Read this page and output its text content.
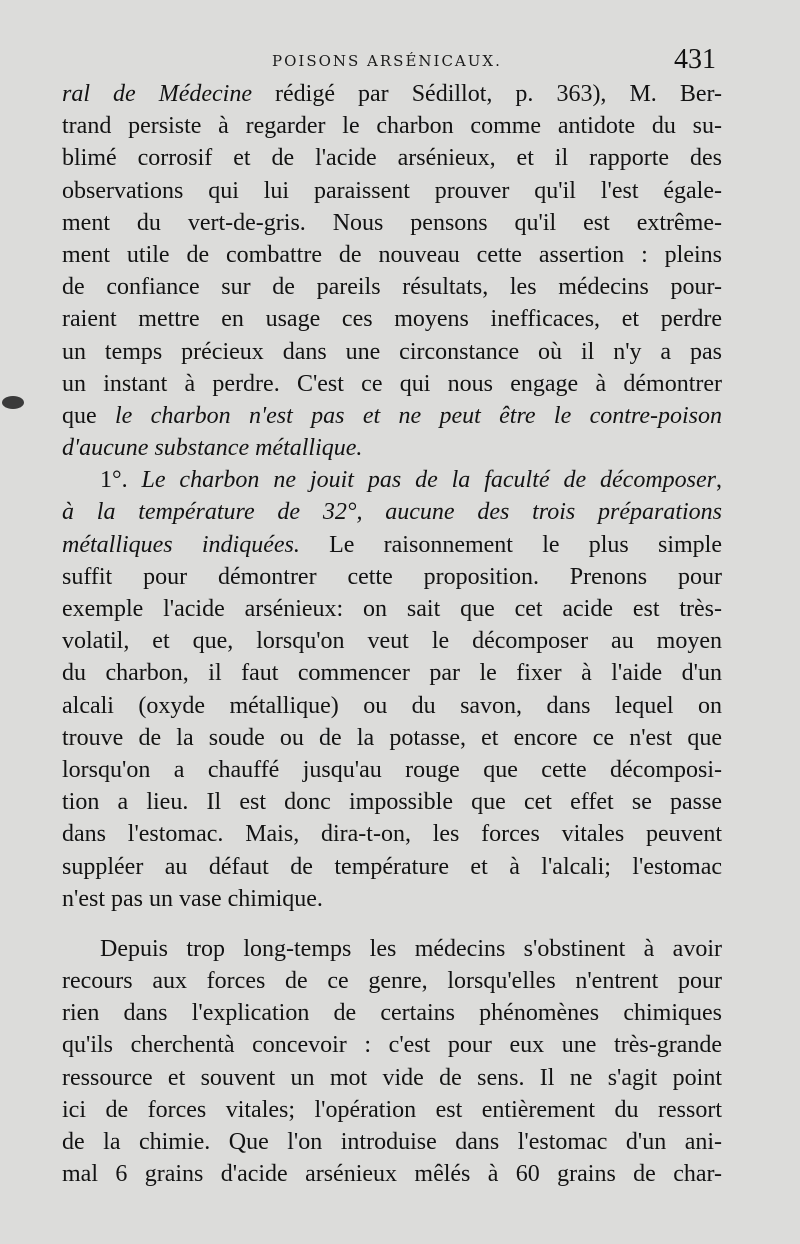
POISONS ARSÉNICAUX.	431
ral de Médecine rédigé par Sédillot, p. 363), M. Ber-
trand persiste à regarder le charbon comme antidote du su-
blimé corrosif et de l'acide arsénieux, et il rapporte des
observations qui lui paraissent prouver qu'il l'est égale-
ment du vert-de-gris. Nous pensons qu'il est extrême-
ment utile de combattre de nouveau cette assertion : pleins
de confiance sur de pareils résultats, les médecins pour-
raient mettre en usage ces moyens inefficaces, et perdre
un temps précieux dans une circonstance où il n'y a pas
un instant à perdre. C'est ce qui nous engage à démontrer
que le charbon n'est pas et ne peut être le contre-poison
d'aucune substance métallique.
1°. Le charbon ne jouit pas de la faculté de décomposer,
à la température de 32°, aucune des trois préparations
métalliques indiquées. Le raisonnement le plus simple
suffit pour démontrer cette proposition. Prenons pour
exemple l'acide arsénieux: on sait que cet acide est très-
volatil, et que, lorsqu'on veut le décomposer au moyen
du charbon, il faut commencer par le fixer à l'aide d'un
alcali (oxyde métallique) ou du savon, dans lequel on
trouve de la soude ou de la potasse, et encore ce n'est que
lorsqu'on a chauffé jusqu'au rouge que cette décomposi-
tion a lieu. Il est donc impossible que cet effet se passe
dans l'estomac. Mais, dira-t-on, les forces vitales peuvent
suppléer au défaut de température et à l'alcali; l'estomac
n'est pas un vase chimique.
Depuis trop long-temps les médecins s'obstinent à avoir
recours aux forces de ce genre, lorsqu'elles n'entrent pour
rien dans l'explication de certains phénomènes chimiques
qu'ils cherchentà concevoir : c'est pour eux une très-grande
ressource et souvent un mot vide de sens. Il ne s'agit point
ici de forces vitales; l'opération est entièrement du ressort
de la chimie. Que l'on introduise dans l'estomac d'un ani-
mal 6 grains d'acide arsénieux mêlés à 60 grains de char-
